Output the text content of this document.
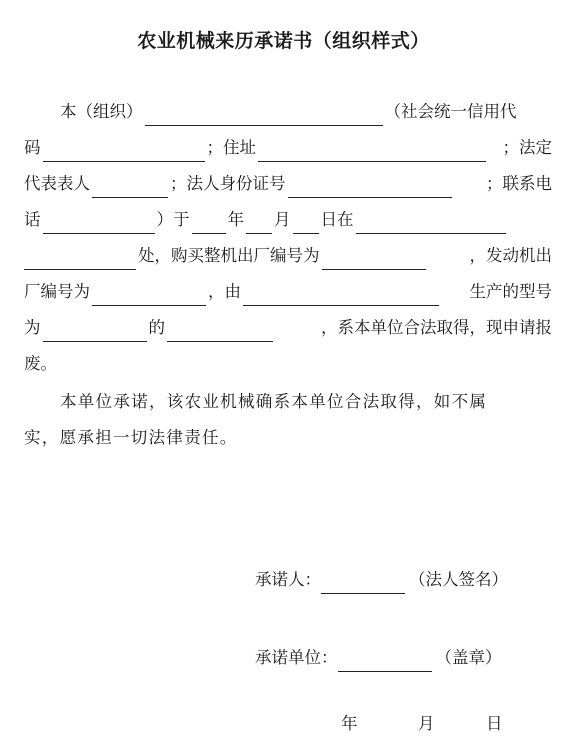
农业机械来历承诺书（组织样式）
本（组织）	（社会统一信用代
码	；住址	；法定
代表表人	；法人身份证号	；联系电
话	）于 年 月 日在
处，购买整机出厂编号为	，发动机出
厂编号为	，由	生产的型号
为	的	，系本单位合法取得，现申请报
废。
本单位承诺，该农业机械确系本单位合法取得，如不属
实，愿承担一切法律责任。
承诺人：	（法人签名）
承诺单位：	（盖章）
年	月	日
